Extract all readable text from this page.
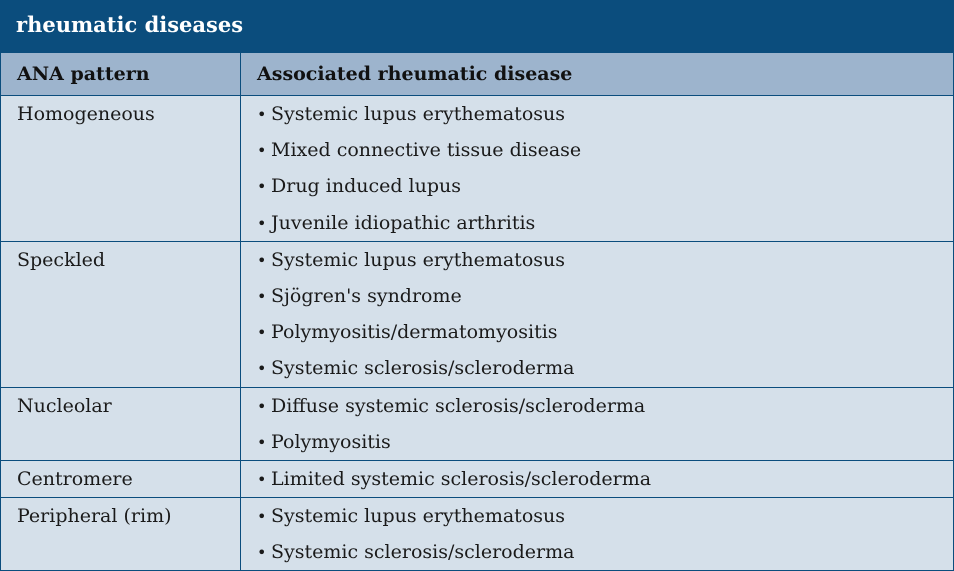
rheumatic diseases
ANA pattern	Associated rheumatic disease
Homogeneous	• Systemic lupus erythematosus
• Mixed connective tissue disease
• Drug induced lupus
• Juvenile idiopathic arthritis

Speckled	• Systemic lupus erythematosus
• Sjögren's syndrome
• Polymyositis/dermatomyositis
• Systemic sclerosis/scleroderma

Nucleolar	• Diffuse systemic sclerosis/scleroderma
• Polymyositis

Centromere	• Limited systemic sclerosis/scleroderma

Peripheral (rim)	• Systemic lupus erythematosus
• Systemic sclerosis/scleroderma
